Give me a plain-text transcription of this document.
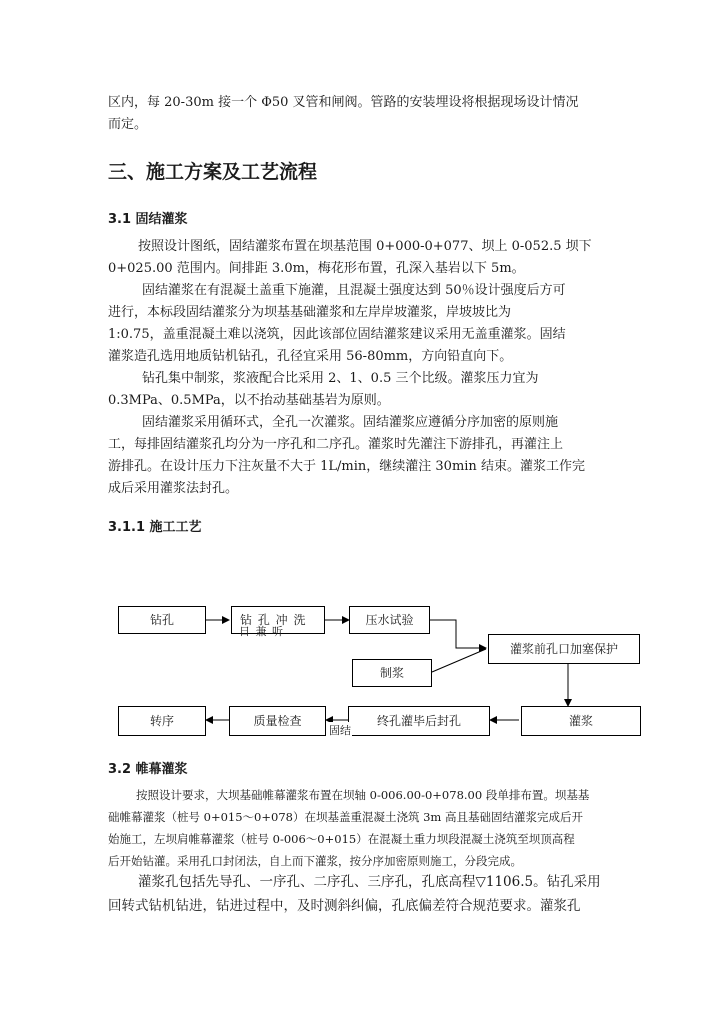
区内，每 20-30m 接一个 Φ50 叉管和闸阀。管路的安装埋设将根据现场设计情况
而定。
三、施工方案及工艺流程
3.1 固结灌浆
按照设计图纸，固结灌浆布置在坝基范围 0+000-0+077、坝上 0-052.5 坝下
0+025.00 范围内。间排距 3.0m，梅花形布置，孔深入基岩以下 5m。
固结灌浆在有混凝土盖重下施灌，且混凝土强度达到 50％设计强度后方可
进行，本标段固结灌浆分为坝基基础灌浆和左岸岸坡灌浆，岸坡坡比为
1:0.75，盖重混凝土难以浇筑，因此该部位固结灌浆建议采用无盖重灌浆。固结
灌浆造孔选用地质钻机钻孔，孔径宜采用 56-80mm，方向铅直向下。
钻孔集中制浆，浆液配合比采用 2、1、0.5 三个比级。灌浆压力宜为
0.3MPa、0.5MPa，以不抬动基础基岩为原则。
固结灌浆采用循环式，全孔一次灌浆。固结灌浆应遵循分序加密的原则施
工，每排固结灌浆孔均分为一序孔和二序孔。灌浆时先灌注下游排孔，再灌注上
游排孔。在设计压力下注灰量不大于 1L/min，继续灌注 30min 结束。灌浆工作完
成后采用灌浆法封孔。
3.1.1 施工工艺
钻孔	钻 孔 冲 洗
日 兼 听
压水试验
灌浆前孔口加塞保护
制浆
灌浆
终孔灌毕后封孔
固结
质量检查
转序
3.2 帷幕灌浆
按照设计要求，大坝基础帷幕灌浆布置在坝轴 0-006.00-0+078.00 段单排布置。坝基基
础帷幕灌浆（桩号 0+015～0+078）在坝基盖重混凝土浇筑 3m 高且基础固结灌浆完成后开
始施工，左坝肩帷幕灌浆（桩号 0-006～0+015）在混凝土重力坝段混凝土浇筑至坝顶高程
后开始钻灌。采用孔口封闭法，自上而下灌浆，按分序加密原则施工，分段完成。
灌浆孔包括先导孔、一序孔、二序孔、三序孔，孔底高程▽1106.5。钻孔采用
回转式钻机钻进，钻进过程中，及时测斜纠偏，孔底偏差符合规范要求。灌浆孔
